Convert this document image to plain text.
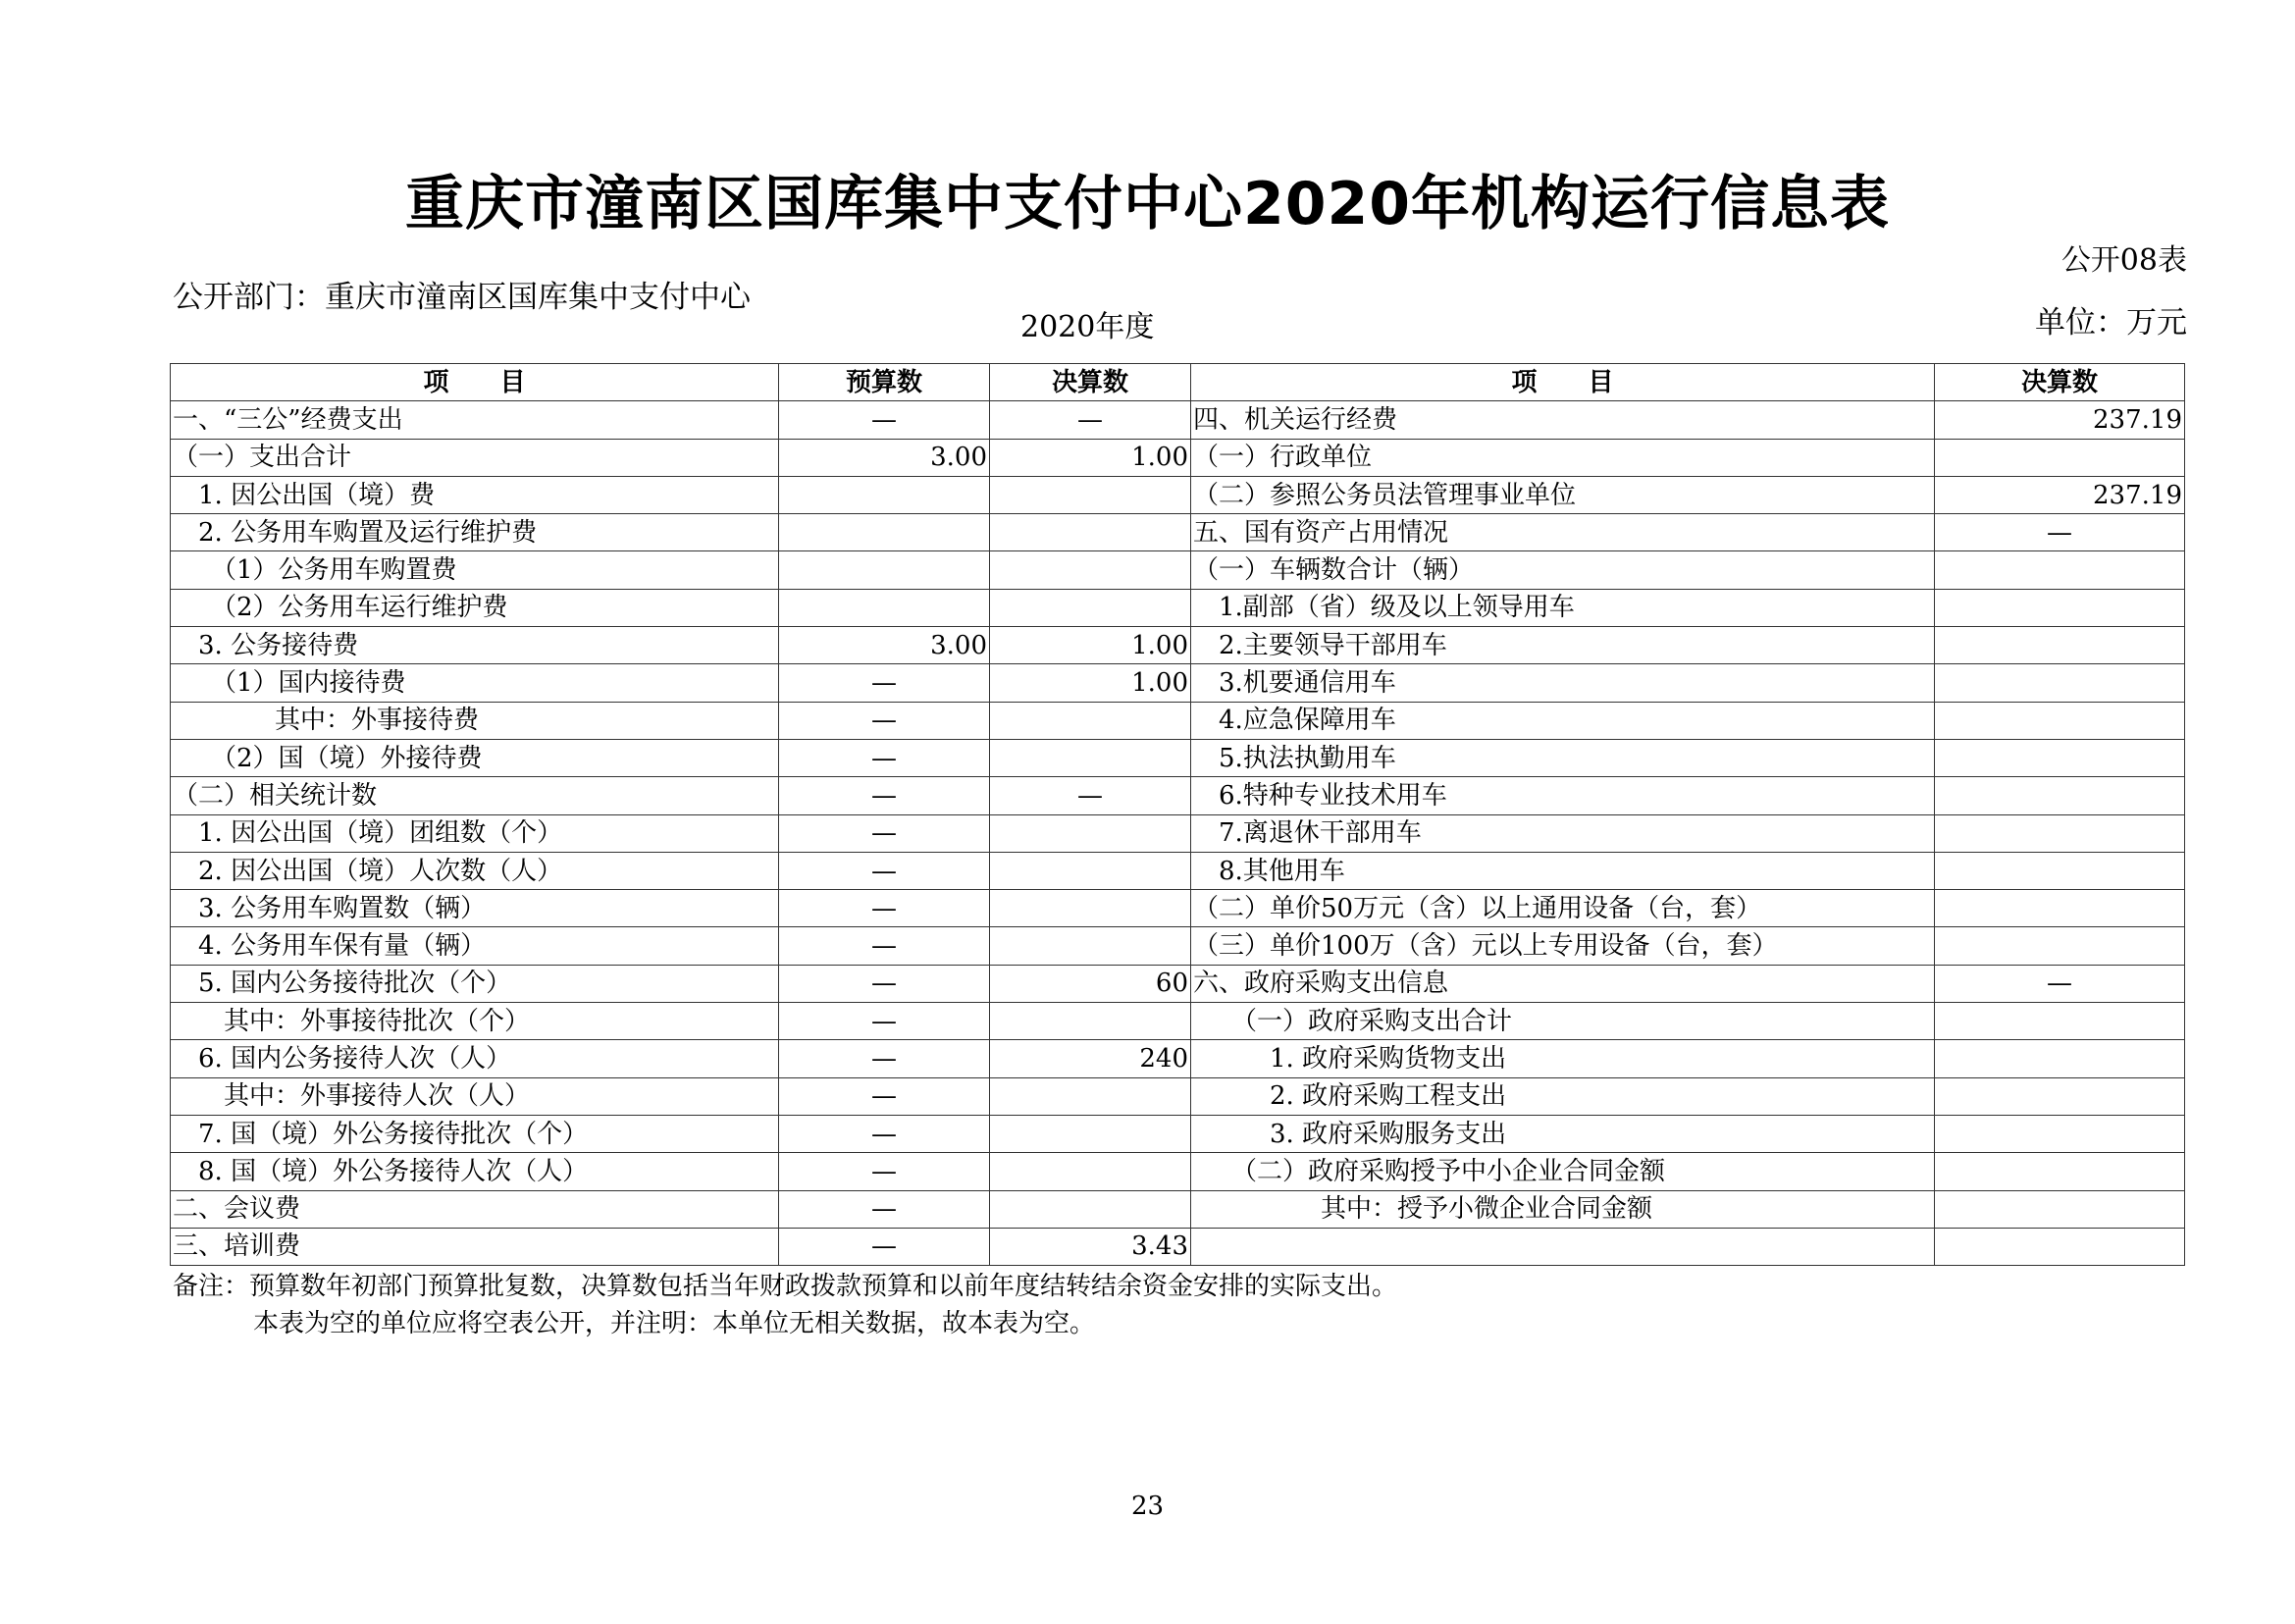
重庆市潼南区国库集中支付中心2020年机构运行信息表
公开08表
公开部门：重庆市潼南区国库集中支付中心
2020年度	单位：万元
项　　目	预算数	决算数	项　　目	决算数
一、“三公”经费支出	—	—	四、机关运行经费	237.19
（一）支出合计	3.00	1.00	（一）行政单位	
　1. 因公出国（境）费			（二）参照公务员法管理事业单位	237.19
　2. 公务用车购置及运行维护费			五、国有资产占用情况	—
　　（1）公务用车购置费			（一）车辆数合计（辆）	
　　（2）公务用车运行维护费			　1.副部（省）级及以上领导用车	
　3. 公务接待费	3.00	1.00	　2.主要领导干部用车	
　　（1）国内接待费	—	1.00	　3.机要通信用车	
　　　　其中：外事接待费	—		　4.应急保障用车	
　　（2）国（境）外接待费	—		　5.执法执勤用车	
（二）相关统计数	—	—	　6.特种专业技术用车	
　1. 因公出国（境）团组数（个）	—		　7.离退休干部用车	
　2. 因公出国（境）人次数（人）	—		　8.其他用车	
　3. 公务用车购置数（辆）	—		（二）单价50万元（含）以上通用设备（台，套）	
　4. 公务用车保有量（辆）	—		（三）单价100万（含）元以上专用设备（台，套）	
　5. 国内公务接待批次（个）	—	60	六、政府采购支出信息	—
　　其中：外事接待批次（个）	—		　　（一）政府采购支出合计	
　6. 国内公务接待人次（人）	—	240	　　　1. 政府采购货物支出	
　　其中：外事接待人次（人）	—		　　　2. 政府采购工程支出	
　7. 国（境）外公务接待批次（个）	—		　　　3. 政府采购服务支出	
　8. 国（境）外公务接待人次（人）	—		　　（二）政府采购授予中小企业合同金额	
二、会议费	—		　　　　　其中：授予小微企业合同金额	
三、培训费	—	3.43		
备注：预算数年初部门预算批复数，决算数包括当年财政拨款预算和以前年度结转结余资金安排的实际支出。
本表为空的单位应将空表公开，并注明：本单位无相关数据，故本表为空。
23
